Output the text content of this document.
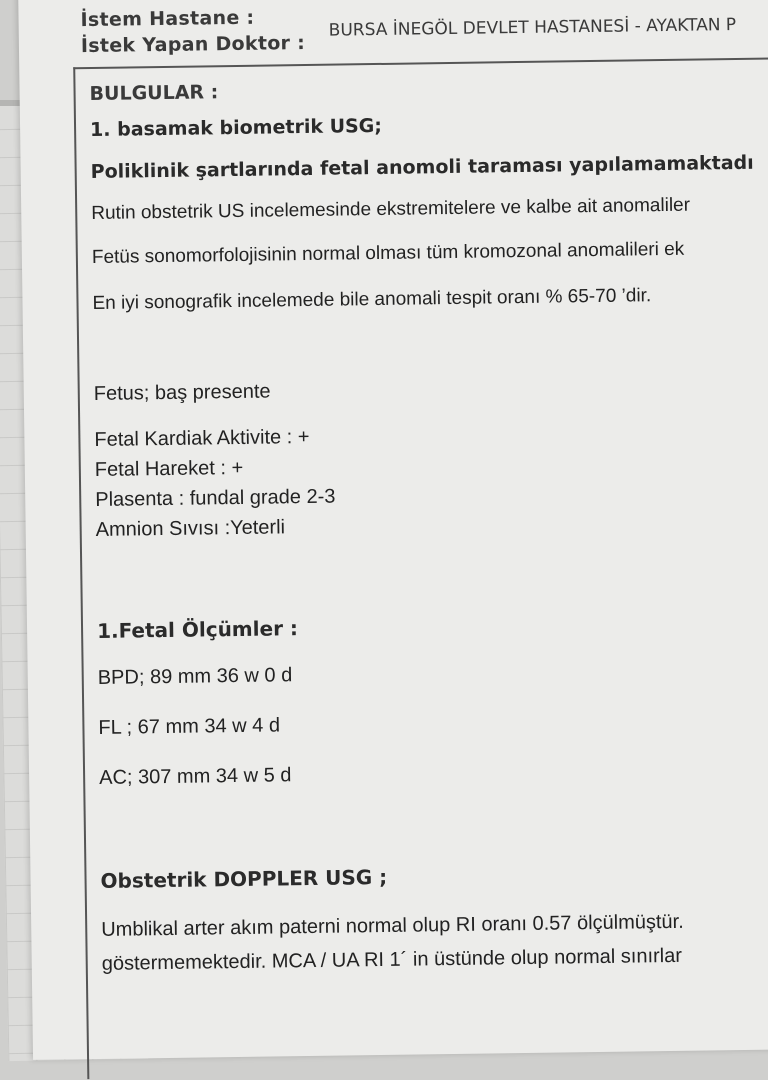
İstem Hastane :	BURSA İNEGÖL DEVLET HASTANESİ - AYAKTAN P
İstek Yapan Doktor :
BULGULAR :
1. basamak biometrik USG;
Poliklinik şartlarında fetal anomoli taraması yapılamamaktadı
Rutin obstetrik US incelemesinde ekstremitelere ve kalbe ait anomaliler
Fetüs sonomorfolojisinin normal olması tüm kromozonal anomalileri ek
En iyi sonografik incelemede bile anomali tespit oranı % 65-70 ’dir.
Fetus; baş presente
Fetal Kardiak Aktivite : +
Fetal Hareket : +
Plasenta : fundal grade 2-3
Amnion Sıvısı :Yeterli
1.Fetal Ölçümler :
BPD; 89 mm 36 w 0 d
FL ; 67 mm 34 w 4 d
AC; 307 mm 34 w 5 d
Obstetrik DOPPLER USG ;
Umblikal arter akım paterni normal olup RI oranı 0.57 ölçülmüştür.
göstermemektedir. MCA / UA RI 1´ in üstünde olup normal sınırlar
